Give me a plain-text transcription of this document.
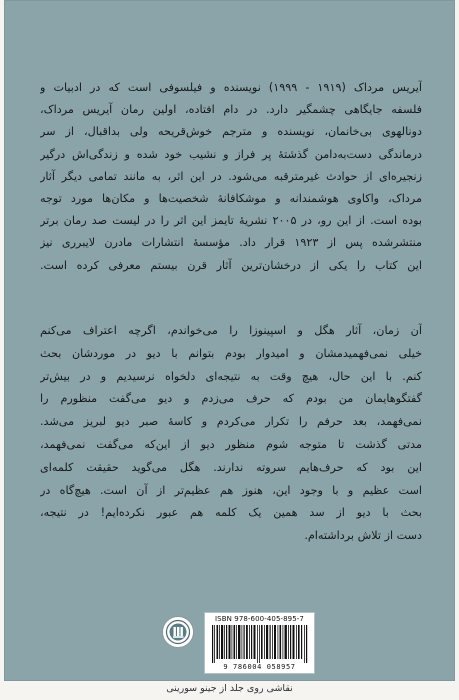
آیریس مرداک (۱۹۱۹ - ۱۹۹۹) نویسنده و فیلسوفی است که در ادبیات و
فلسفه جایگاهی چشمگیر دارد. در دام افتاده، اولین رمان آیریس مرداک،
دونالهوی بی‌خانمان، نویسنده و مترجم خوش‌قریحه ولی بداقبال، از سر
درماندگی دست‌به‌دامن گذشته‌ٔ پر فراز و نشیب خود شده و زندگی‌اش درگیر
زنجیره‌ای از حوادث غیرمترقبه می‌شود. در این اثر، به مانند تمامی دیگر آثار
مرداک، واکاوی هوشمندانه و موشکافانهٔ شخصیت‌ها و مکان‌ها مورد توجه
بوده است. از این رو، در ۲۰۰۵ نشریهٔ تایمز این اثر را در لیست صد رمان برتر
منتشرشده پس از ۱۹۲۳ قرار داد. مؤسسهٔ انتشارات مادرن لایبرری نیز
این کتاب را یکی از درخشان‌ترین آثار قرن بیستم معرفی کرده است.
آن زمان، آثار هگل و اسپینوزا را می‌خواندم، اگرچه اعتراف می‌کنم
خیلی نمی‌فهمیدمشان و امیدوار بودم بتوانم با دیو در موردشان بحث
کنم. با این حال، هیچ وقت به نتیجه‌ای دلخواه نرسیدیم و در بیش‌تر
گفتگوهایمان من بودم که حرف می‌زدم و دیو می‌گفت منظورم را
نمی‌فهمد، بعد حرفم را تکرار می‌کردم و کاسهٔ صبر دیو لبریز می‌شد.
مدتی گذشت تا متوجه شوم منظور دیو از این‌که می‌گفت نمی‌فهمد،
این بود که حرف‌هایم سروته ندارند. هگل می‌گوید حقیقت کلمه‌ای
است عظیم و با وجود این، هنوز هم عظیم‌تر از آن است. هیچ‌گاه در
بحث با دیو از سد همین یک کلمه هم عبور نکرده‌ایم! در نتیجه،
دست از تلاش برداشته‌ام.
ISBN 978-600-405-895-7
9 786004 058957
نقاشی روی جلد از جینو سورینی
